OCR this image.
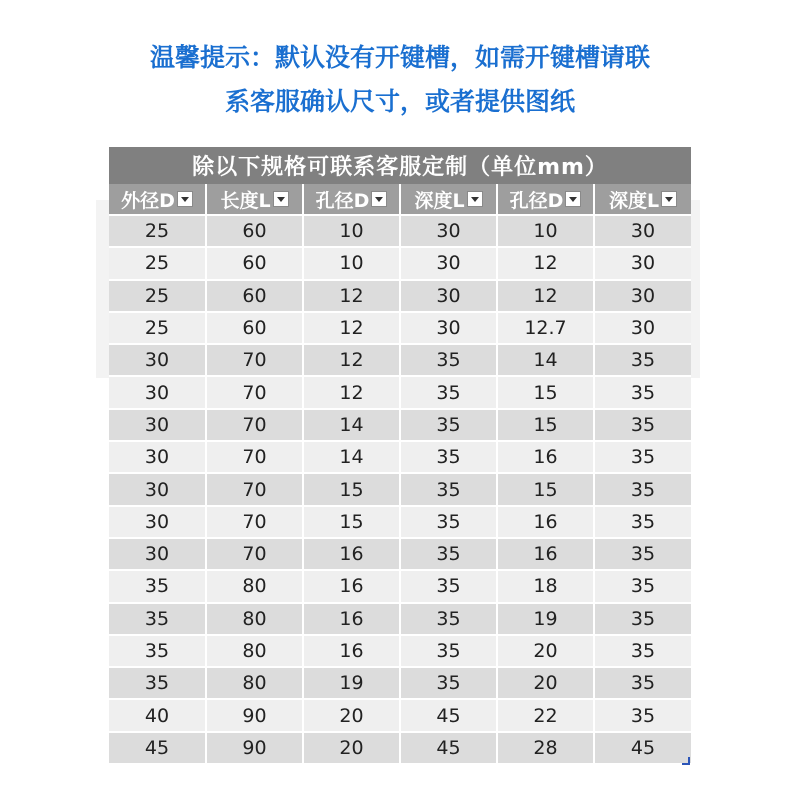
温馨提示：默认没有开键槽，如需开键槽请联
系客服确认尺寸，或者提供图纸
除以下规格可联系客服定制（单位mm）					
外径D	长度L	孔径D	深度L	孔径D	深度L
25	60	10	30	10	30
25	60	10	30	12	30
25	60	12	30	12	30
25	60	12	30	12.7	30
30	70	12	35	14	35
30	70	12	35	15	35
30	70	14	35	15	35
30	70	14	35	16	35
30	70	15	35	15	35
30	70	15	35	16	35
30	70	16	35	16	35
35	80	16	35	18	35
35	80	16	35	19	35
35	80	16	35	20	35
35	80	19	35	20	35
40	90	20	45	22	35
45	90	20	45	28	45
